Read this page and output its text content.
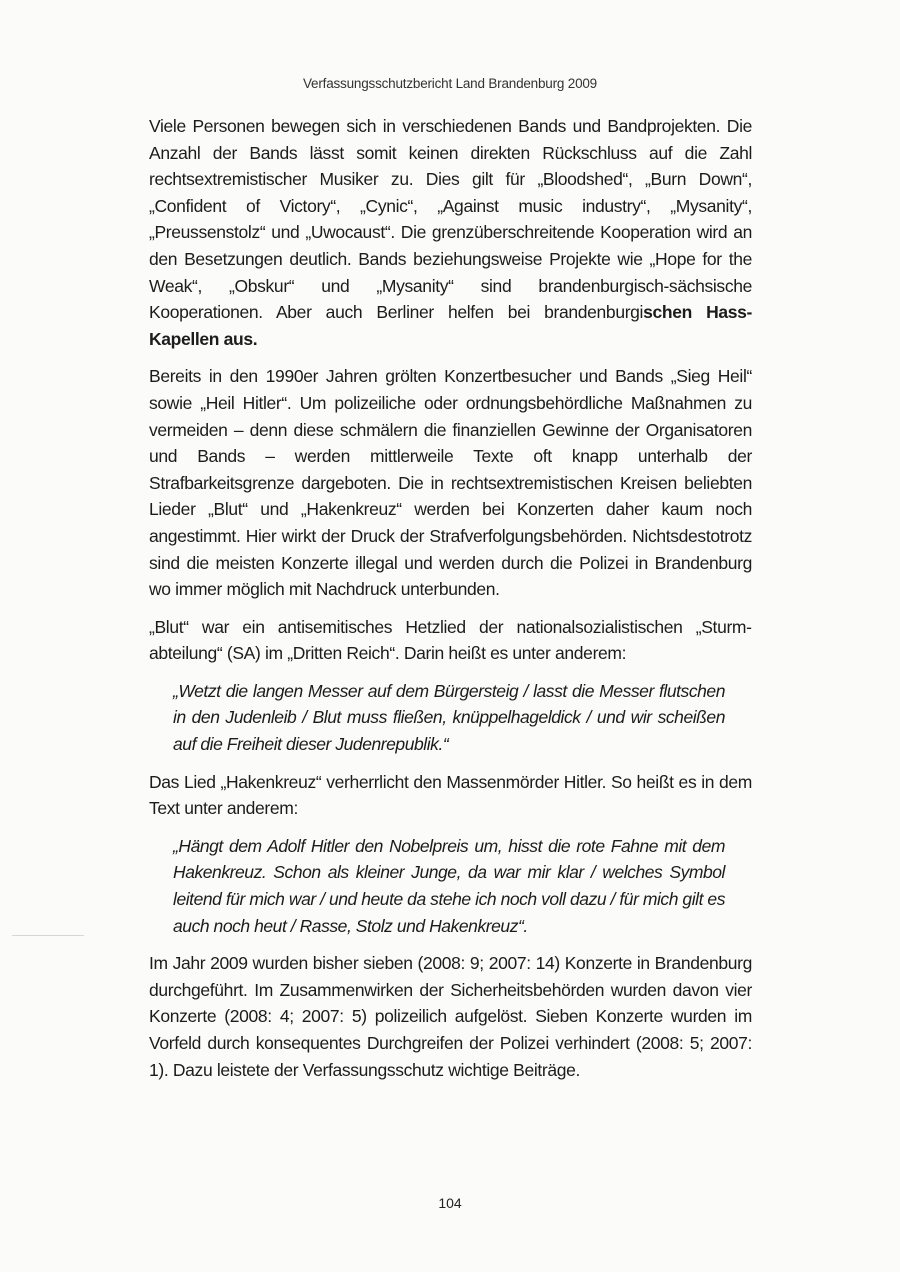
Verfassungsschutzbericht Land Brandenburg 2009

Viele Personen bewegen sich in verschiedenen Bands und Bandprojekten. Die Anzahl der Bands lässt somit keinen direkten Rückschluss auf die Zahl rechtsextremistischer Musiker zu. Dies gilt für „Bloodshed“, „Burn Down“, „Confident of Victory“, „Cynic“, „Against music industry“, „Mysanity“, „Preussenstolz“ und „Uwocaust“. Die grenzüberschreitende Kooperation wird an den Besetzungen deutlich. Bands beziehungsweise Projekte wie „Hope for the Weak“, „Obskur“ und „Mysanity“ sind brandenburgisch-sächsische Kooperationen. Aber auch Berliner helfen bei brandenburgischen Hass-Kapellen aus.

Bereits in den 1990er Jahren grölten Konzertbesucher und Bands „Sieg Heil“ sowie „Heil Hitler“. Um polizeiliche oder ordnungsbehördliche Maßnahmen zu vermeiden – denn diese schmälern die finanziellen Gewinne der Organisatoren und Bands – werden mittlerweile Texte oft knapp unterhalb der Strafbarkeitsgrenze dargeboten. Die in rechtsextremistischen Kreisen beliebten Lieder „Blut“ und „Hakenkreuz“ werden bei Konzerten daher kaum noch angestimmt. Hier wirkt der Druck der Strafverfolgungsbehörden. Nichtsdestotrotz sind die meisten Konzerte illegal und werden durch die Polizei in Brandenburg wo immer möglich mit Nachdruck unterbunden.

„Blut“ war ein antisemitisches Hetzlied der nationalsozialistischen „Sturmabteilung“ (SA) im „Dritten Reich“. Darin heißt es unter anderem:

„Wetzt die langen Messer auf dem Bürgersteig / lasst die Messer flutschen in den Judenleib / Blut muss fließen, knüppelhageldick / und wir scheißen auf die Freiheit dieser Judenrepublik.“

Das Lied „Hakenkreuz“ verherrlicht den Massenmörder Hitler. So heißt es in dem Text unter anderem:

„Hängt dem Adolf Hitler den Nobelpreis um, hisst die rote Fahne mit dem Hakenkreuz. Schon als kleiner Junge, da war mir klar / welches Symbol leitend für mich war / und heute da stehe ich noch voll dazu / für mich gilt es auch noch heut / Rasse, Stolz und Hakenkreuz“.

Im Jahr 2009 wurden bisher sieben (2008: 9; 2007: 14) Konzerte in Brandenburg durchgeführt. Im Zusammenwirken der Sicherheitsbehörden wurden davon vier Konzerte (2008: 4; 2007: 5) polizeilich aufgelöst. Sieben Konzerte wurden im Vorfeld durch konsequentes Durchgreifen der Polizei verhindert (2008: 5; 2007: 1). Dazu leistete der Verfassungsschutz wichtige Beiträge.

104
